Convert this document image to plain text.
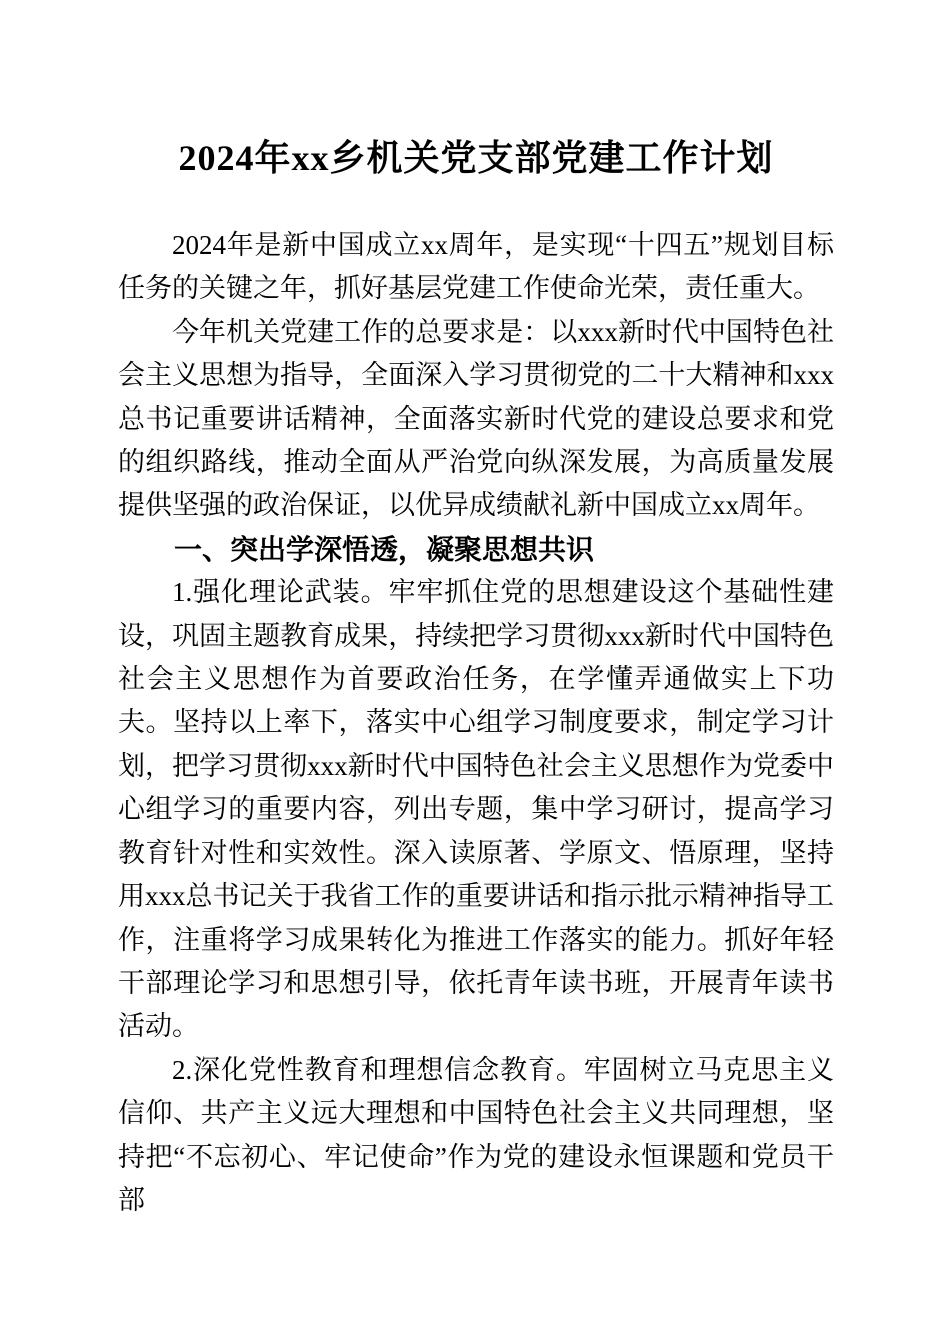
2024年xx乡机关党支部党建工作计划

2024年是新中国成立xx周年，是实现“十四五”规划目标任务的关键之年，抓好基层党建工作使命光荣，责任重大。

今年机关党建工作的总要求是：以xxx新时代中国特色社会主义思想为指导，全面深入学习贯彻党的二十大精神和xxx总书记重要讲话精神，全面落实新时代党的建设总要求和党的组织路线，推动全面从严治党向纵深发展，为高质量发展提供坚强的政治保证，以优异成绩献礼新中国成立xx周年。

一、突出学深悟透，凝聚思想共识

1.强化理论武装。牢牢抓住党的思想建设这个基础性建设，巩固主题教育成果，持续把学习贯彻xxx新时代中国特色社会主义思想作为首要政治任务，在学懂弄通做实上下功夫。坚持以上率下，落实中心组学习制度要求，制定学习计划，把学习贯彻xxx新时代中国特色社会主义思想作为党委中心组学习的重要内容，列出专题，集中学习研讨，提高学习教育针对性和实效性。深入读原著、学原文、悟原理，坚持用xxx总书记关于我省工作的重要讲话和指示批示精神指导工作，注重将学习成果转化为推进工作落实的能力。抓好年轻干部理论学习和思想引导，依托青年读书班，开展青年读书活动。

2.深化党性教育和理想信念教育。牢固树立马克思主义信仰、共产主义远大理想和中国特色社会主义共同理想，坚持把“不忘初心、牢记使命”作为党的建设永恒课题和党员干部
